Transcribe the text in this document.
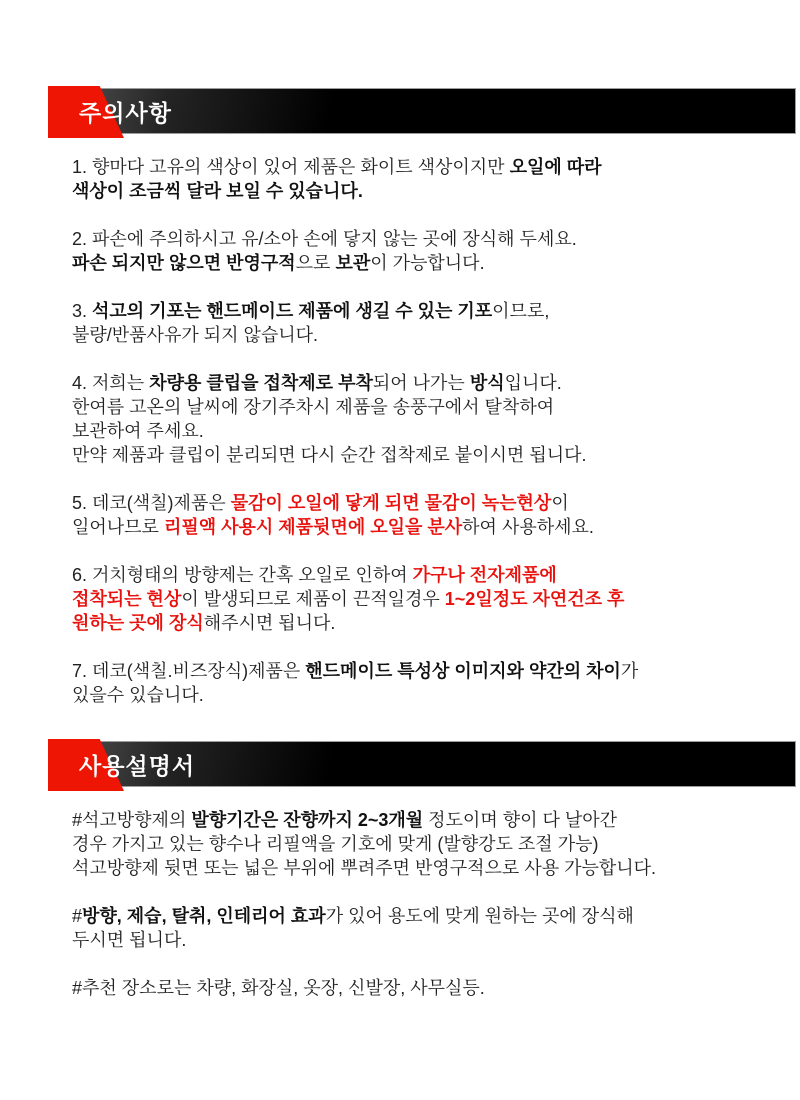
주의사항

1. 향마다 고유의 색상이 있어 제품은 화이트 색상이지만 오일에 따라
색상이 조금씩 달라 보일 수 있습니다.

2. 파손에 주의하시고 유/소아 손에 닿지 않는 곳에 장식해 두세요.
파손 되지만 않으면 반영구적으로 보관이 가능합니다.

3. 석고의 기포는 핸드메이드 제품에 생길 수 있는 기포이므로,
불량/반품사유가 되지 않습니다.

4. 저희는 차량용 클립을 접착제로 부착되어 나가는 방식입니다.
한여름 고온의 날씨에 장기주차시 제품을 송풍구에서 탈착하여
보관하여 주세요.
만약 제품과 클립이 분리되면 다시 순간 접착제로 붙이시면 됩니다.

5. 데코(색칠)제품은 물감이 오일에 닿게 되면 물감이 녹는현상이
일어나므로 리필액 사용시 제품뒷면에 오일을 분사하여 사용하세요.

6. 거치형태의 방향제는 간혹 오일로 인하여 가구나 전자제품에
접착되는 현상이 발생되므로 제품이 끈적일경우 1~2일정도 자연건조 후
원하는 곳에 장식해주시면 됩니다.

7. 데코(색칠.비즈장식)제품은 핸드메이드 특성상 이미지와 약간의 차이가
있을수 있습니다.

사용설명서

#석고방향제의 발향기간은 잔향까지 2~3개월 정도이며 향이 다 날아간
경우 가지고 있는 향수나 리필액을 기호에 맞게 (발향강도 조절 가능)
석고방향제 뒷면 또는 넓은 부위에 뿌려주면 반영구적으로 사용 가능합니다.

#방향, 제습, 탈취, 인테리어 효과가 있어 용도에 맞게 원하는 곳에 장식해
두시면 됩니다.

#추천 장소로는 차량, 화장실, 옷장, 신발장, 사무실등.
